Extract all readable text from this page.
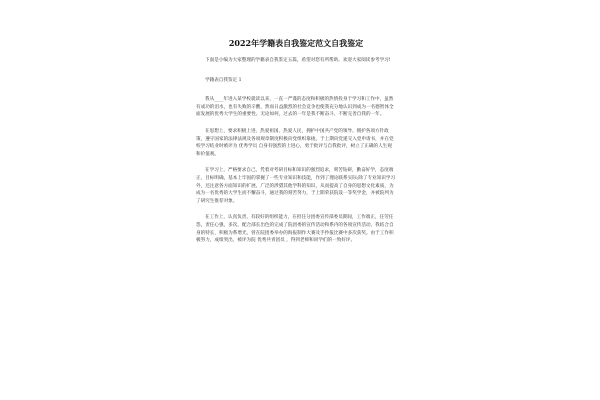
2022年学籍表自我鉴定范文自我鉴定

下面是小编为大家整理的学籍表自我鉴定五篇，希望对您有所帮助。欢迎大家阅读参考学习!

学籍表自我鉴定 1

我从____年进入某学校就读以来，一直一严谨的态度和积极的热情投身于学习和工作中，虽然有成功的泪水，也有失败的辛酸，然而日益激烈的社会竞争也使我充分地认识到成为一名德智体全面发展的优秀大学生的重要性。无论如何，过去的一年是我不断奋斗、不断完善自我的一年。

在思想上，要求积极上进，热爱祖国、热爱人民，拥护中国共产党的领导、拥护各项方针政策，遵守国家的法律法规及各项规章制度积极向党组织靠拢，于上期向党递交入党申请书，并在党校学习结业时被评为 优秀学员 自身有强烈的上进心，勇于批评与自我批评，树立了正确的人生观和价值观。

在学习上，严格要求自己，凭着对考研目标和知识的强烈追求，刻苦钻研，勤奋好学，态度端正，目标明确，基本上牢固的掌握了一些专业知识和技能，作到了理论联系实际;除了专业知识学习外，还注意各方面知识的扩展，广泛的涉猎其他学科的知识，从而提高了自身的思想文化素质，为成为一名优秀的大学生而不懈奋斗，通过我的刻苦努力，于上期荣获院设一等奖学金，并被院列为了研究生推荐对象。

在工作上，认真负责，有较好的组织能力，在担任分团委宣传部委员期间，工作端正，任劳任怨，责任心强，多次，配合部长出色的完成了院团委的宣传活动和系内的各项宣传活动，我结合自身的特长，积极为系增光，曾在院团委举办的海报制作大赛及手抄报比赛中多次获奖。由于工作积极努力，成绩突出，被评为院 优秀共青团员 ，得到老师和同学们的一致好评。
